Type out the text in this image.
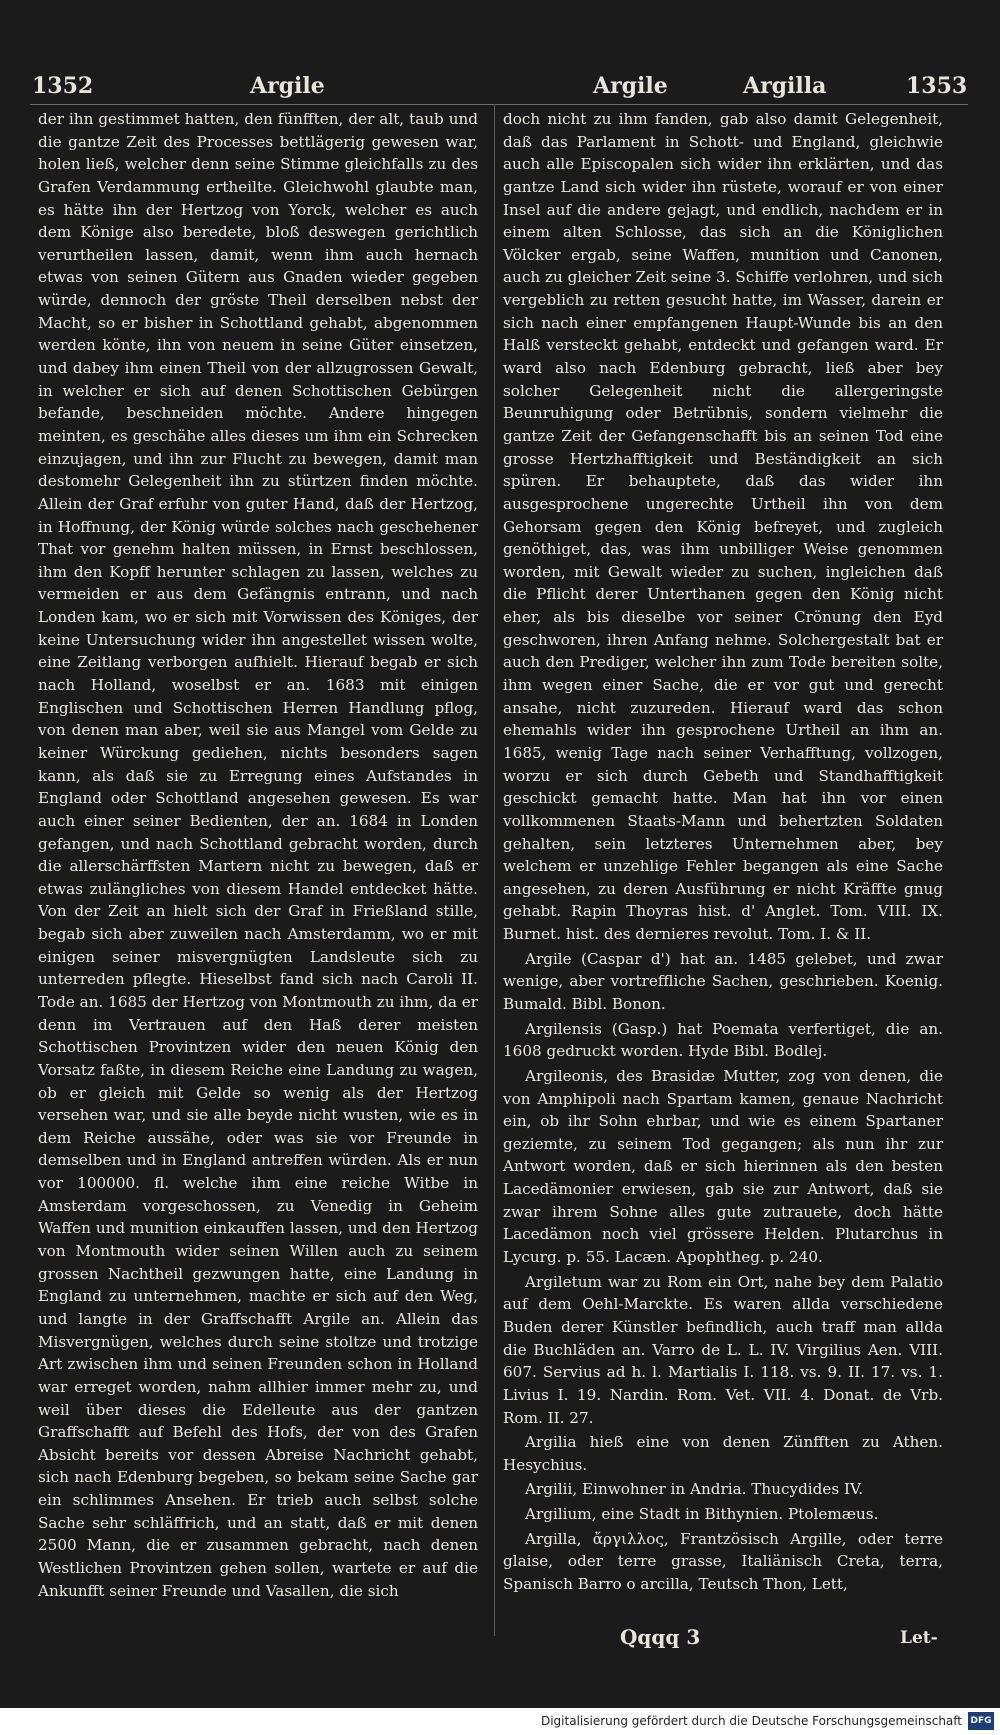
1352	Argile	Argile	Argilla	1353

der ihn gestimmet hatten, den fünfften, der alt, taub und die gantze Zeit des Processes bettlägerig gewesen war, holen ließ, welcher denn seine Stimme gleichfalls zu des Grafen Verdammung ertheilte. Gleichwohl glaubte man, es hätte ihn der Hertzog von Yorck, welcher es auch dem Könige also beredete, bloß deswegen gerichtlich verurtheilen lassen, damit, wenn ihm auch hernach etwas von seinen Gütern aus Gnaden wieder gegeben würde, dennoch der gröste Theil derselben nebst der Macht, so er bisher in Schottland gehabt, abgenommen werden könte, ihn von neuem in seine Güter einsetzen, und dabey ihm einen Theil von der allzugrossen Gewalt, in welcher er sich auf denen Schottischen Gebürgen befande, beschneiden möchte. Andere hingegen meinten, es geschähe alles dieses um ihm ein Schrecken einzujagen, und ihn zur Flucht zu bewegen, damit man destomehr Gelegenheit ihn zu stürtzen finden möchte. Allein der Graf erfuhr von guter Hand, daß der Hertzog, in Hoffnung, der König würde solches nach geschehener That vor genehm halten müssen, in Ernst beschlossen, ihm den Kopff herunter schlagen zu lassen, welches zu vermeiden er aus dem Gefängnis entrann, und nach Londen kam, wo er sich mit Vorwissen des Königes, der keine Untersuchung wider ihn angestellet wissen wolte, eine Zeitlang verborgen aufhielt. Hierauf begab er sich nach Holland, woselbst er an. 1683 mit einigen Englischen und Schottischen Herren Handlung pflog, von denen man aber, weil sie aus Mangel vom Gelde zu keiner Würckung gediehen, nichts besonders sagen kann, als daß sie zu Erregung eines Aufstandes in England oder Schottland angesehen gewesen. Es war auch einer seiner Bedienten, der an. 1684 in Londen gefangen, und nach Schottland gebracht worden, durch die allerschärffsten Martern nicht zu bewegen, daß er etwas zulängliches von diesem Handel entdecket hätte. Von der Zeit an hielt sich der Graf in Frießland stille, begab sich aber zuweilen nach Amsterdamm, wo er mit einigen seiner misvergnügten Landsleute sich zu unterreden pflegte. Hieselbst fand sich nach Caroli II. Tode an. 1685 der Hertzog von Montmouth zu ihm, da er denn im Vertrauen auf den Haß derer meisten Schottischen Provintzen wider den neuen König den Vorsatz faßte, in diesem Reiche eine Landung zu wagen, ob er gleich mit Gelde so wenig als der Hertzog versehen war, und sie alle beyde nicht wusten, wie es in dem Reiche aussähe, oder was sie vor Freunde in demselben und in England antreffen würden. Als er nun vor 100000. fl. welche ihm eine reiche Witbe in Amsterdam vorgeschossen, zu Venedig in Geheim Waffen und munition einkauffen lassen, und den Hertzog von Montmouth wider seinen Willen auch zu seinem grossen Nachtheil gezwungen hatte, eine Landung in England zu unternehmen, machte er sich auf den Weg, und langte in der Graffschafft Argile an. Allein das Misvergnügen, welches durch seine stoltze und trotzige Art zwischen ihm und seinen Freunden schon in Holland war erreget worden, nahm allhier immer mehr zu, und weil über dieses die Edelleute aus der gantzen Graffschafft auf Befehl des Hofs, der von des Grafen Absicht bereits vor dessen Abreise Nachricht gehabt, sich nach Edenburg begeben, so bekam seine Sache gar ein schlimmes Ansehen. Er trieb auch selbst solche Sache sehr schläffrich, und an statt, daß er mit denen 2500 Mann, die er zusammen gebracht, nach denen Westlichen Provintzen gehen sollen, wartete er auf die Ankunfft seiner Freunde und Vasallen, die sich

doch nicht zu ihm fanden, gab also damit Gelegenheit, daß das Parlament in Schott- und England, gleichwie auch alle Episcopalen sich wider ihn erklärten, und das gantze Land sich wider ihn rüstete, worauf er von einer Insel auf die andere gejagt, und endlich, nachdem er in einem alten Schlosse, das sich an die Königlichen Völcker ergab, seine Waffen, munition und Canonen, auch zu gleicher Zeit seine 3. Schiffe verlohren, und sich vergeblich zu retten gesucht hatte, im Wasser, darein er sich nach einer empfangenen Haupt-Wunde bis an den Halß versteckt gehabt, entdeckt und gefangen ward. Er ward also nach Edenburg gebracht, ließ aber bey solcher Gelegenheit nicht die allergeringste Beunruhigung oder Betrübnis, sondern vielmehr die gantze Zeit der Gefangenschafft bis an seinen Tod eine grosse Hertzhafftigkeit und Beständigkeit an sich spüren. Er behauptete, daß das wider ihn ausgesprochene ungerechte Urtheil ihn von dem Gehorsam gegen den König befreyet, und zugleich genöthiget, das, was ihm unbilliger Weise genommen worden, mit Gewalt wieder zu suchen, ingleichen daß die Pflicht derer Unterthanen gegen den König nicht eher, als bis dieselbe vor seiner Crönung den Eyd geschworen, ihren Anfang nehme. Solchergestalt bat er auch den Prediger, welcher ihn zum Tode bereiten solte, ihm wegen einer Sache, die er vor gut und gerecht ansahe, nicht zuzureden. Hierauf ward das schon ehemahls wider ihn gesprochene Urtheil an ihm an. 1685, wenig Tage nach seiner Verhafftung, vollzogen, worzu er sich durch Gebeth und Standhafftigkeit geschickt gemacht hatte. Man hat ihn vor einen vollkommenen Staats-Mann und behertzten Soldaten gehalten, sein letzteres Unternehmen aber, bey welchem er unzehlige Fehler begangen als eine Sache angesehen, zu deren Ausführung er nicht Kräffte gnug gehabt. Rapin Thoyras hist. d' Anglet. Tom. VIII. IX. Burnet. hist. des dernieres revolut. Tom. I. & II.

Argile (Caspar d') hat an. 1485 gelebet, und zwar wenige, aber vortreffliche Sachen, geschrieben. Koenig. Bumald. Bibl. Bonon.

Argilensis (Gasp.) hat Poemata verfertiget, die an. 1608 gedruckt worden. Hyde Bibl. Bodlej.

Argileonis, des Brasidæ Mutter, zog von denen, die von Amphipoli nach Spartam kamen, genaue Nachricht ein, ob ihr Sohn ehrbar, und wie es einem Spartaner geziemte, zu seinem Tod gegangen; als nun ihr zur Antwort worden, daß er sich hierinnen als den besten Lacedämonier erwiesen, gab sie zur Antwort, daß sie zwar ihrem Sohne alles gute zutrauete, doch hätte Lacedämon noch viel grössere Helden. Plutarchus in Lycurg. p. 55. Lacæn. Apophtheg. p. 240.

Argiletum war zu Rom ein Ort, nahe bey dem Palatio auf dem Oehl-Marckte. Es waren allda verschiedene Buden derer Künstler befindlich, auch traff man allda die Buchläden an. Varro de L. L. IV. Virgilius Aen. VIII. 607. Servius ad h. l. Martialis I. 118. vs. 9. II. 17. vs. 1. Livius I. 19. Nardin. Rom. Vet. VII. 4. Donat. de Vrb. Rom. II. 27.

Argilia hieß eine von denen Zünfften zu Athen. Hesychius.

Argilii, Einwohner in Andria. Thucydides IV.

Argilium, eine Stadt in Bithynien. Ptolemæus.

Argilla, ἄργιλλος, Frantzösisch Argille, oder terre glaise, oder terre grasse, Italiänisch Creta, terra, Spanisch Barro o arcilla, Teutsch Thon, Lett,

Qqqq 3	Let-
Digitalisierung gefördert durch die Deutsche Forschungsgemeinschaft DFG
